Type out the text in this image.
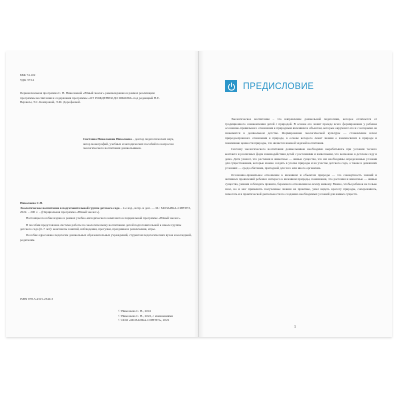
ББК 74.102
УДК 373.2
Первоначальная программа С. Н. Николаевой «Юный эколог» рекомендована в рамках реализации программы воспитания и содержания программы «ОТ РОЖДЕНИЯ ДО ШКОЛЫ» под редакцией Н.Е. Вераксы, Т.С. Комаровой, Э.М. Дорофеевой.
Светлана Николаевна Николаева – доктор педагогических наук, автор монографий, учебных и методических пособий по вопросам экологического воспитания дошкольников.
Николаева С.Н.
Экологическое воспитание в подготовительной группе детского сада – 2-е изд., испр. и доп. — М.: МОЗАИКА-СИНТЕЗ, 2022. – 200 с. – (Парциальная программа «Юный эколог»).

Настоящее пособие издано в рамках учебно-методического комплекта к парциальной программе «Юный эколог».

В пособии представлена система работы по экологическому воспитанию детей подготовительной к школе группы детского сада (6–7 лет): конспекты занятий, наблюдения, прогулки, праздники и развлечения, игры.

Пособие адресовано педагогам дошкольных образовательных учреждений, студентам педагогических вузов и колледжей, родителям.

ISBN 978-5-4315-2340-3
© Николаева С. Н., 2016
© Николаева С. Н., 2022, с изменениями
© ООО «МОЗАИКА-СИНТЕЗ», 2022
ПРЕДИСЛОВИЕ

Экологическое воспитание – это направление дошкольной педагогики, которое отличается от традиционного ознакомления детей с природой. В основе его лежит прежде всего формирование у ребенка осознанно-правильного отношения к природным явлениям и объектам, которые окружают его и с которыми он знакомится в дошкольном детстве. Формирование экологической культуры — становление начал природоохранного отношения к природе, в основе которого лежат знания о взаимосвязях в природе и понимание ценности природы, что является важной задачей воспитания.

Систему экологического воспитания дошкольников необходимо вырабатывать при условии тесного контакта и различных форм взаимодействия детей с растениями и животными, что возможно в детском саду и дома. Дети узнают, что растения и животные — живые существа, что им необходимы определенные условия для существования, которые можно создать в уголке природы и на участке детского сада, а также в домашних условиях — среда обитания, пригодной для того или иного организма.

Осознанно-правильное отношение к явлениям и объектам природы — это совокупность знаний и активных проявлений ребенка: интереса к явлениям природы, понимания, что растения и животные — живые существа, умения соблюдать правила, бережного отношения ко всему живому. Важно, чтобы ребенок не только знал, но и мог применять полученные знания на практике, умел видеть красоту природы, сопереживать, помогать и в практической деятельности по созданию необходимых условий для живых существ.

3
